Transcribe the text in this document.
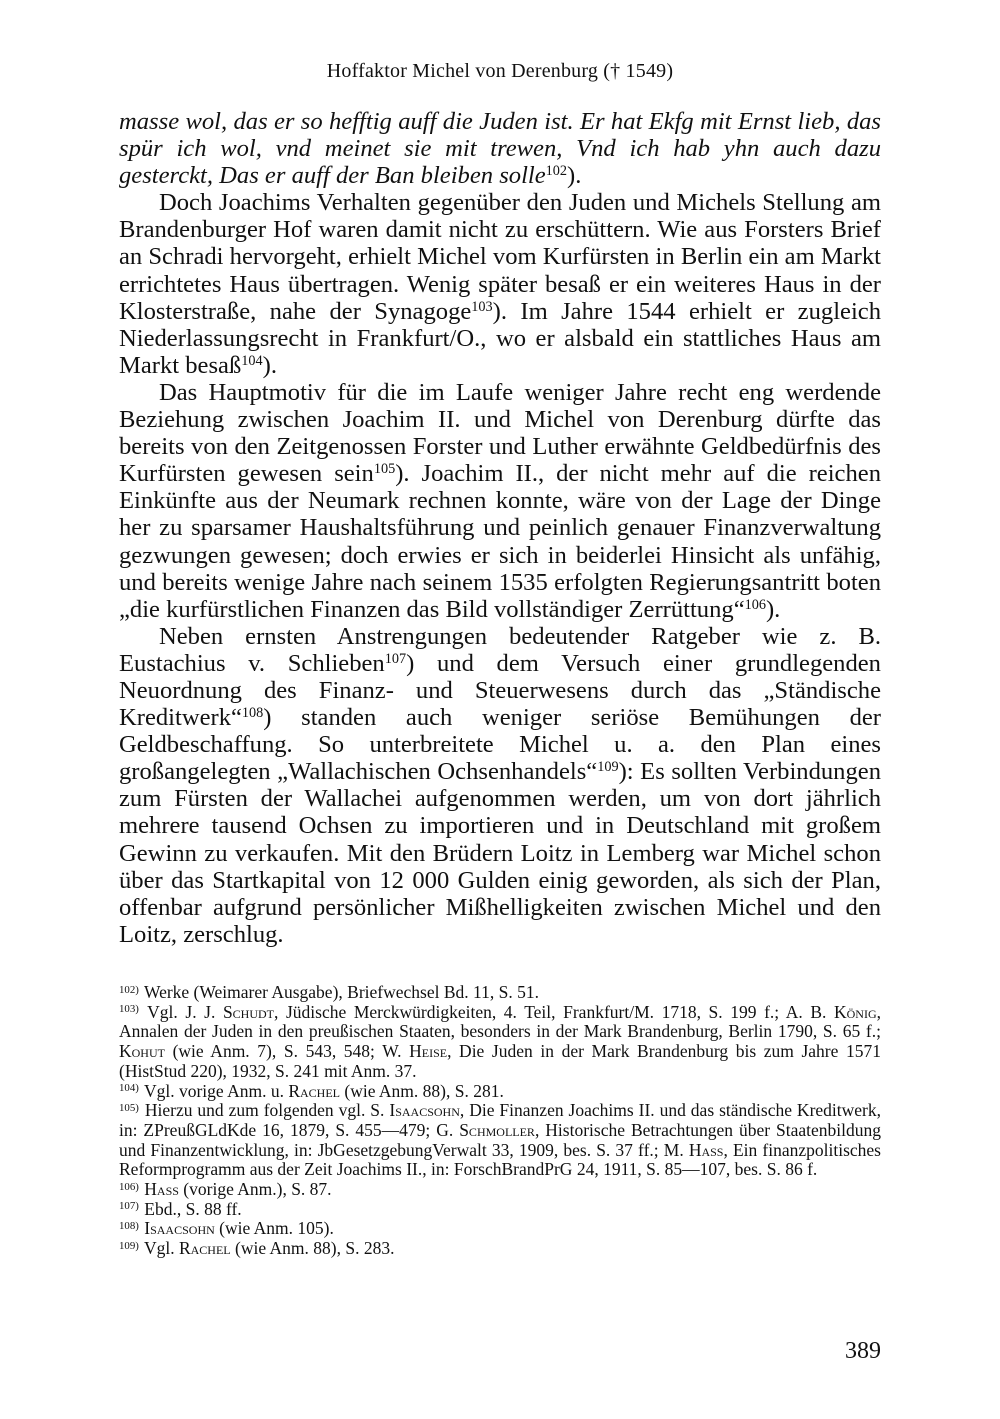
Hoffaktor Michel von Derenburg († 1549)

masse wol, das er so hefftig auff die Juden ist. Er hat Ekfg mit Ernst lieb, das spür ich wol, vnd meinet sie mit trewen, Vnd ich hab yhn auch dazu gesterckt, Das er auff der Ban bleiben solle$^{102}$).

Doch Joachims Verhalten gegenüber den Juden und Michels Stellung am Brandenburger Hof waren damit nicht zu erschüttern. Wie aus Forsters Brief an Schradi hervorgeht, erhielt Michel vom Kurfürsten in Berlin ein am Markt errichtetes Haus übertragen. Wenig später besaß er ein weiteres Haus in der Klosterstraße, nahe der Synagoge$^{103}$). Im Jahre 1544 erhielt er zugleich Niederlassungsrecht in Frankfurt/O., wo er alsbald ein stattliches Haus am Markt besaß$^{104}$).

Das Hauptmotiv für die im Laufe weniger Jahre recht eng werdende Beziehung zwischen Joachim II. und Michel von Derenburg dürfte das bereits von den Zeitgenossen Forster und Luther erwähnte Geldbedürfnis des Kurfürsten gewesen sein$^{105}$). Joachim II., der nicht mehr auf die reichen Einkünfte aus der Neumark rechnen konnte, wäre von der Lage der Dinge her zu sparsamer Haushaltsführung und peinlich genauer Finanzverwaltung gezwungen gewesen; doch erwies er sich in beiderlei Hinsicht als unfähig, und bereits wenige Jahre nach seinem 1535 erfolgten Regierungsantritt boten „die kurfürstlichen Finanzen das Bild vollständiger Zerrüttung“$^{106}$).

Neben ernsten Anstrengungen bedeutender Ratgeber wie z. B. Eustachius v. Schlieben$^{107}$) und dem Versuch einer grundlegenden Neuordnung des Finanz- und Steuerwesens durch das „Ständische Kreditwerk“$^{108}$) standen auch weniger seriöse Bemühungen der Geldbeschaffung. So unterbreitete Michel u. a. den Plan eines großangelegten „Wallachischen Ochsenhandels“$^{109}$): Es sollten Verbindungen zum Fürsten der Wallachei aufgenommen werden, um von dort jährlich mehrere tausend Ochsen zu importieren und in Deutschland mit großem Gewinn zu verkaufen. Mit den Brüdern Loitz in Lemberg war Michel schon über das Startkapital von 12 000 Gulden einig geworden, als sich der Plan, offenbar aufgrund persönlicher Mißhelligkeiten zwischen Michel und den Loitz, zerschlug.

$^{102)}$ Werke (Weimarer Ausgabe), Briefwechsel Bd. 11, S. 51.

$^{103)}$ Vgl. J. J. Schudt, Jüdische Merckwürdigkeiten, 4. Teil, Frankfurt/M. 1718, S. 199 f.; A. B. König, Annalen der Juden in den preußischen Staaten, besonders in der Mark Brandenburg, Berlin 1790, S. 65 f.; Kohut (wie Anm. 7), S. 543, 548; W. Heise, Die Juden in der Mark Brandenburg bis zum Jahre 1571 (HistStud 220), 1932, S. 241 mit Anm. 37.

$^{104)}$ Vgl. vorige Anm. u. Rachel (wie Anm. 88), S. 281.

$^{105)}$ Hierzu und zum folgenden vgl. S. Isaacsohn, Die Finanzen Joachims II. und das ständische Kreditwerk, in: ZPreußGLdKde 16, 1879, S. 455—479; G. Schmoller, Historische Betrachtungen über Staatenbildung und Finanzentwicklung, in: JbGesetzgebungVerwalt 33, 1909, bes. S. 37 ff.; M. Hass, Ein finanzpolitisches Reformprogramm aus der Zeit Joachims II., in: ForschBrandPrG 24, 1911, S. 85—107, bes. S. 86 f.

$^{106)}$ Hass (vorige Anm.), S. 87.

$^{107)}$ Ebd., S. 88 ff.

$^{108)}$ Isaacsohn (wie Anm. 105).

$^{109)}$ Vgl. Rachel (wie Anm. 88), S. 283.

389
